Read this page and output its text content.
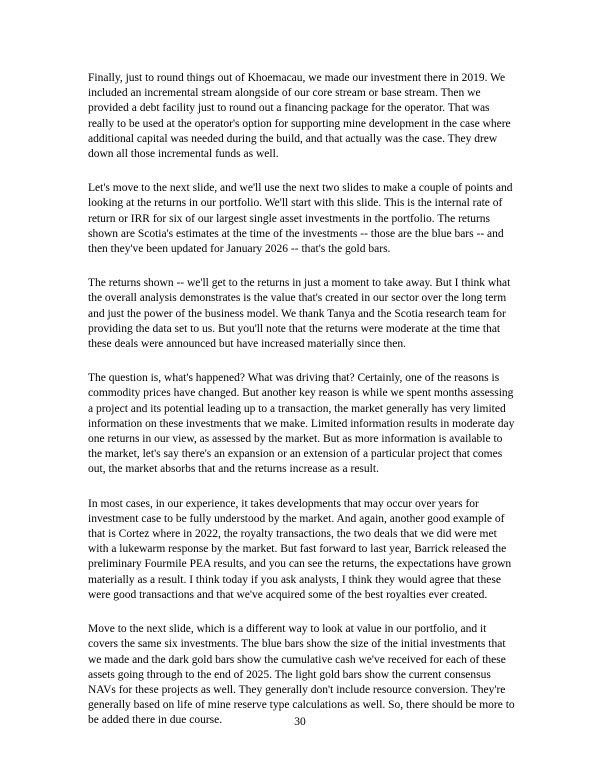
Finally, just to round things out of Khoemacau, we made our investment there in 2019. We included an incremental stream alongside of our core stream or base stream. Then we provided a debt facility just to round out a financing package for the operator. That was really to be used at the operator's option for supporting mine development in the case where additional capital was needed during the build, and that actually was the case. They drew down all those incremental funds as well.

Let's move to the next slide, and we'll use the next two slides to make a couple of points and looking at the returns in our portfolio. We'll start with this slide. This is the internal rate of return or IRR for six of our largest single asset investments in the portfolio. The returns shown are Scotia's estimates at the time of the investments -- those are the blue bars -- and then they've been updated for January 2026 -- that's the gold bars.

The returns shown -- we'll get to the returns in just a moment to take away. But I think what the overall analysis demonstrates is the value that's created in our sector over the long term and just the power of the business model. We thank Tanya and the Scotia research team for providing the data set to us. But you'll note that the returns were moderate at the time that these deals were announced but have increased materially since then.

The question is, what's happened? What was driving that? Certainly, one of the reasons is commodity prices have changed. But another key reason is while we spent months assessing a project and its potential leading up to a transaction, the market generally has very limited information on these investments that we make. Limited information results in moderate day one returns in our view, as assessed by the market. But as more information is available to the market, let's say there's an expansion or an extension of a particular project that comes out, the market absorbs that and the returns increase as a result.

In most cases, in our experience, it takes developments that may occur over years for investment case to be fully understood by the market. And again, another good example of that is Cortez where in 2022, the royalty transactions, the two deals that we did were met with a lukewarm response by the market. But fast forward to last year, Barrick released the preliminary Fourmile PEA results, and you can see the returns, the expectations have grown materially as a result. I think today if you ask analysts, I think they would agree that these were good transactions and that we've acquired some of the best royalties ever created.

Move to the next slide, which is a different way to look at value in our portfolio, and it covers the same six investments. The blue bars show the size of the initial investments that we made and the dark gold bars show the cumulative cash we've received for each of these assets going through to the end of 2025. The light gold bars show the current consensus NAVs for these projects as well. They generally don't include resource conversion. They're generally based on life of mine reserve type calculations as well. So, there should be more to be added there in due course.	30
